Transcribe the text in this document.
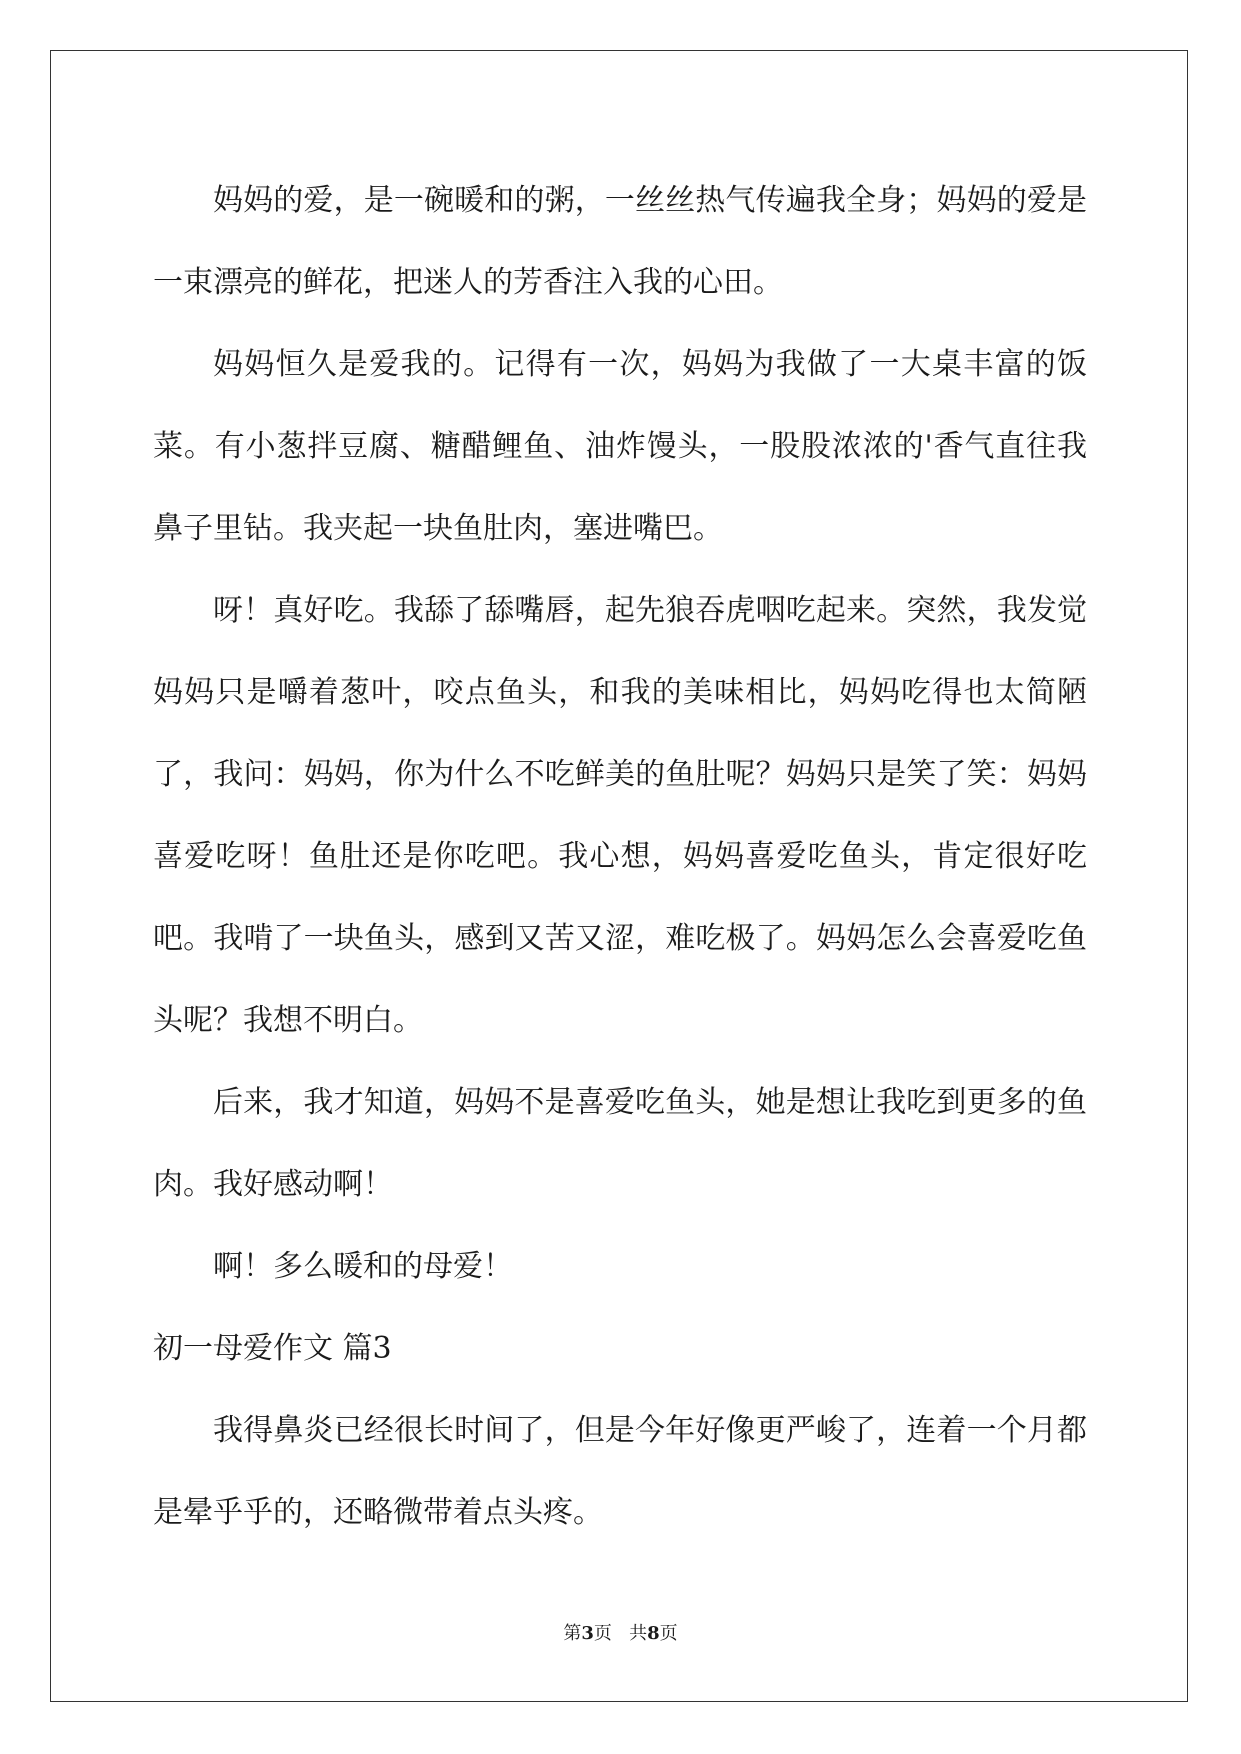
妈妈的爱，是一碗暖和的粥，一丝丝热气传遍我全身；妈妈的爱是一束漂亮的鲜花，把迷人的芳香注入我的心田。

妈妈恒久是爱我的。记得有一次，妈妈为我做了一大桌丰富的饭菜。有小葱拌豆腐、糖醋鲤鱼、油炸馒头，一股股浓浓的'香气直往我鼻子里钻。我夹起一块鱼肚肉，塞进嘴巴。

呀！真好吃。我舔了舔嘴唇，起先狼吞虎咽吃起来。突然，我发觉妈妈只是嚼着葱叶，咬点鱼头，和我的美味相比，妈妈吃得也太简陋了，我问：妈妈，你为什么不吃鲜美的鱼肚呢？妈妈只是笑了笑：妈妈喜爱吃呀！鱼肚还是你吃吧。我心想，妈妈喜爱吃鱼头，肯定很好吃吧。我啃了一块鱼头，感到又苦又涩，难吃极了。妈妈怎么会喜爱吃鱼头呢？我想不明白。

后来，我才知道，妈妈不是喜爱吃鱼头，她是想让我吃到更多的鱼肉。我好感动啊！

啊！多么暖和的母爱！

初一母爱作文 篇3

我得鼻炎已经很长时间了，但是今年好像更严峻了，连着一个月都是晕乎乎的，还略微带着点头疼。

第3页   共8页
